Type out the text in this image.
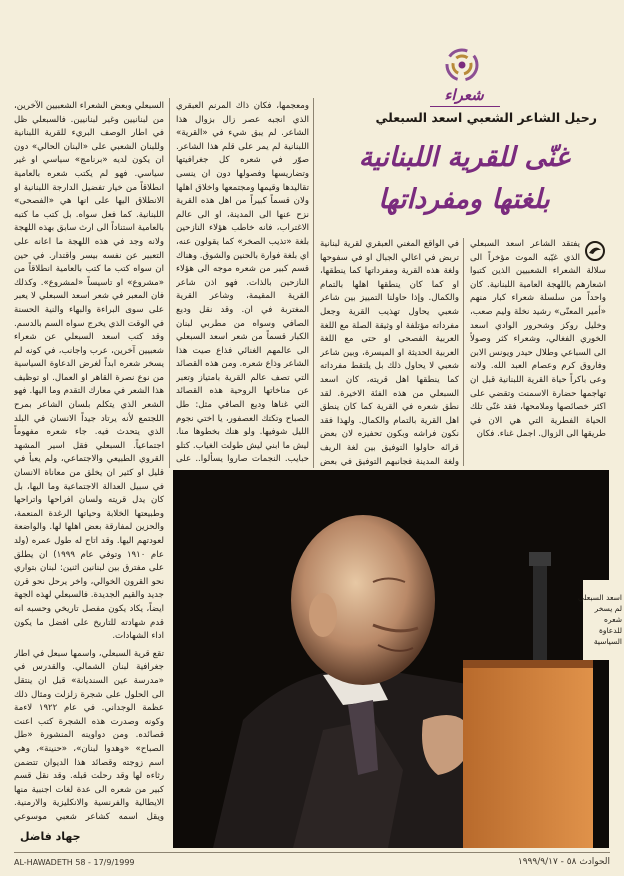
شعراء
رحيل الشاعر الشعبي اسعد السبعلي
غنّى للقرية اللبنانية
بلغتها ومفرداتها

يفتقد الشاعر اسعد السبعلي الذي غيّبه الموت مؤخراً الى سلالة الشعراء الشعبيين الذين كتبوا اشعارهم باللهجة العامية اللبنانية. كان واحداً من سلسلة شعراء كبار منهم «أمير المعنّى» رشيد نخلة وليم صعب، وخليل روكز وشحرور الوادي اسعد الخوري الفغالي، وشعراء كثر وصولاً الى السباعي وطلال حيدر ويونس الابن وفاروق كرم وعصام العبد الله. ولانه وعى باكراً حياة القرية اللبنانية قبل ان تهاجمها حضارة الاسمنت وتقضي على اكثر خصائصها وملامحها، فقد غنّى تلك الحياة الفطرية التي هي الان في طريقها الى الزوال. اجمل غناء. فكان

في الواقع المغني العبقري لقرية لبنانية تربض في اعالي الجبال او في سفوحها ولغة هذه القرية ومفرداتها كما ينطقها، او كما كان ينطقها اهلها بالتمام والكمال. وإذا حاولنا التمييز بين شاعر شعبي يحاول تهذيب القرية وجعل مفرداته مؤتلفة او وثيقة الصلة مع اللغة العربية الفصحى او حتى مع اللغة العربية الحديثة او الميسرة، وبين شاعر شعبي لا يحاول ذلك بل يلتقط مفرداته كما ينطقها اهل قريته، كان اسعد السبعلي من هذه الفئة الاخيرة. لقد نطق شعره في القرية كما كان ينطق اهل القرية بالتمام والكمال. ولهذا فقد نكون فراشه وبكون تحفيزه لان بعض قرائه حاولوا التوفيق بين لغة الريف ولغة المدينة فجانبهم التوفيق في بعض

ومعجمها، فكان ذاك المرنم العبقري الذي انجبه عصر زال بزوال هذا الشاعر. لم يبق شيء في «القرية» اللبنانية لم يمر على قلم هذا الشاعر. صوّر في شعره كل جغرافيتها وتضاريسها وفصولها دون ان ينسى تقاليدها وقيمها ومجتمعها واخلاق اهلها ولان قسماً كبيراً من اهل هذه القرية نزح عنها الى المدينة، او الى عالم الاغتراب، فانه خاطب هؤلاء النازحين بلغة «تذيب الصخر» كما يقولون عنه، اي بلغة فوارة بالحنين والشوق. وهناك قسم كبير من شعره موجه الى هؤلاء النازحين بالذات. فهو اذن شاعر القرية المقيمة، وشاعر القرية المغتربة في ان. وقد نقل وديع الصافي وسواه من مطربي لبنان الكبار قسماً من شعر اسعد السبعلي الى عالمهم الغنائي فذاع صيت هذا الشاعر وذاع شعره. ومن هذه القصائد التي تصف عالم القرية بامتياز وتعبر عن مناخاتها الروحية هذه القصائد التي غناها وديع الصافي مثل: طل الصباح وتكتك العصفور، يا اختي نجوم الليل شوفيها. ولو هنك بخطوها منا. ليش ما ابني ليش طولت الغياب. كتلو حبايب. النجمات صاروا يسألوا.. على

السبعلي وبعض الشعراء الشعبيين الآخرين، من لبنانيين وغير لبنانيين. فالسبعلي ظل في اطار الوصف البريء للقرية اللبنانية وللبنان الشعبي على «البنان الحالي» دون ان يكون لديه «برنامج» سياسي او غير سياسي. فهو لم يكتب شعره بالعامية انطلاقاً من خيار تفضيل الدارجة اللبنانية او الانطلاق اليها على انها هي «الفصحى» اللبنانية. كما فعل سواه. بل كتب ما كتبه بالعامية استناداً الى ارث سابق بهذه اللهجة ولانه وجد في هذه اللهجة ما اعانه على التعبير عن نفسه بيسر واقتدار. في حين ان سواه كتب ما كتب بالعامية انطلاقاً من «مشروع» او تاسيساً «لمشروع». وكذلك فان المعبر في شعر اسعد السبعلي لا يعبر على سوى البراءة والبهاء والنية الحسنة في الوقت الذي يخرج سواه السم بالدسم. وقد كتب اسعد السبعلي عن شعراء شعبيين آخرين، عرب واجانب، في كونه لم يسخر شعره ابداً لغرض الدعاوة السياسية من نوع نصرة القاهر او العمال. او توظيف هذا الشعر في معارك التقدم وما اليها. فهو الشعر الذي يتكلم بلسان الشاعر بمرح اللجتمع لأنه يرتاد جيداً الانسان في البلد الذي يتحدث فيه. جاء شعره مفهوماً اجتماعياً. السبعلي فقل اسير المشهد القروي الطبيعي والاجتماعي، ولم يعبأ في قليل او كثير ان يخلق من معاناة الانسان في سبيل العدالة الاجتماعية وما اليها، بل كان يدل قريته ولسان افراحها واتراحها وطبيعتها الخلابة وحياتها الرغدة المنعمة، والحزين لمفارقة بعض اهلها لها. والواضعة لعودتهم اليها. وقد اتاح له طول عمره (ولد عام ١٩١٠ وتوفي عام ١٩٩٩) ان يطلق على مفترق بين لبنانين اثنين: لبنان بتواري نحو القرون الخوالي، واخر يرحل نحو قرن جديد والقيم الجديدة. فالسبعلي لهذه الجهة ايضاً، يكاد يكون مفصل تاريخي وحسبه انه قدم شهادته للتاريخ على افضل ما يكون اداء الشهادات.

تقع قرية السبعلي، واسمها سبعل في اطار جغرافية لبنان الشمالي. والقدرس في «مدرسة عين السنديانة» قبل ان ينتقل الى الحلول على شجرة زلزلت ومثال ذلك عظمة الوجداني. في عام ١٩٢٢ لاءمة وكونه وصدرت هذه الشجرة كتب اعنت قصائده. ومن دواوينه المنشورة «طل الصباح» «وهدوا لبنان»، «حنينة»، وهي اسم زوجته وقصائد هذا الديوان تتضمن رثاءه لها وقد رحلت قبله. وقد نقل قسم كبير من شعره الى عدة لغات اجنبية منها الايطالية والفرنسية والانكليزية والارمنية. ويقل اسمه كشاعر شعبي موسوعي

جهاد فاضل
اسعد السبعلي
لم يسخر
شعره
للدعاوة
السياسية
AL-HAWADETH 58 - 17/9/1999	الحوادث ٥٨ - ١٩٩٩/٩/١٧
